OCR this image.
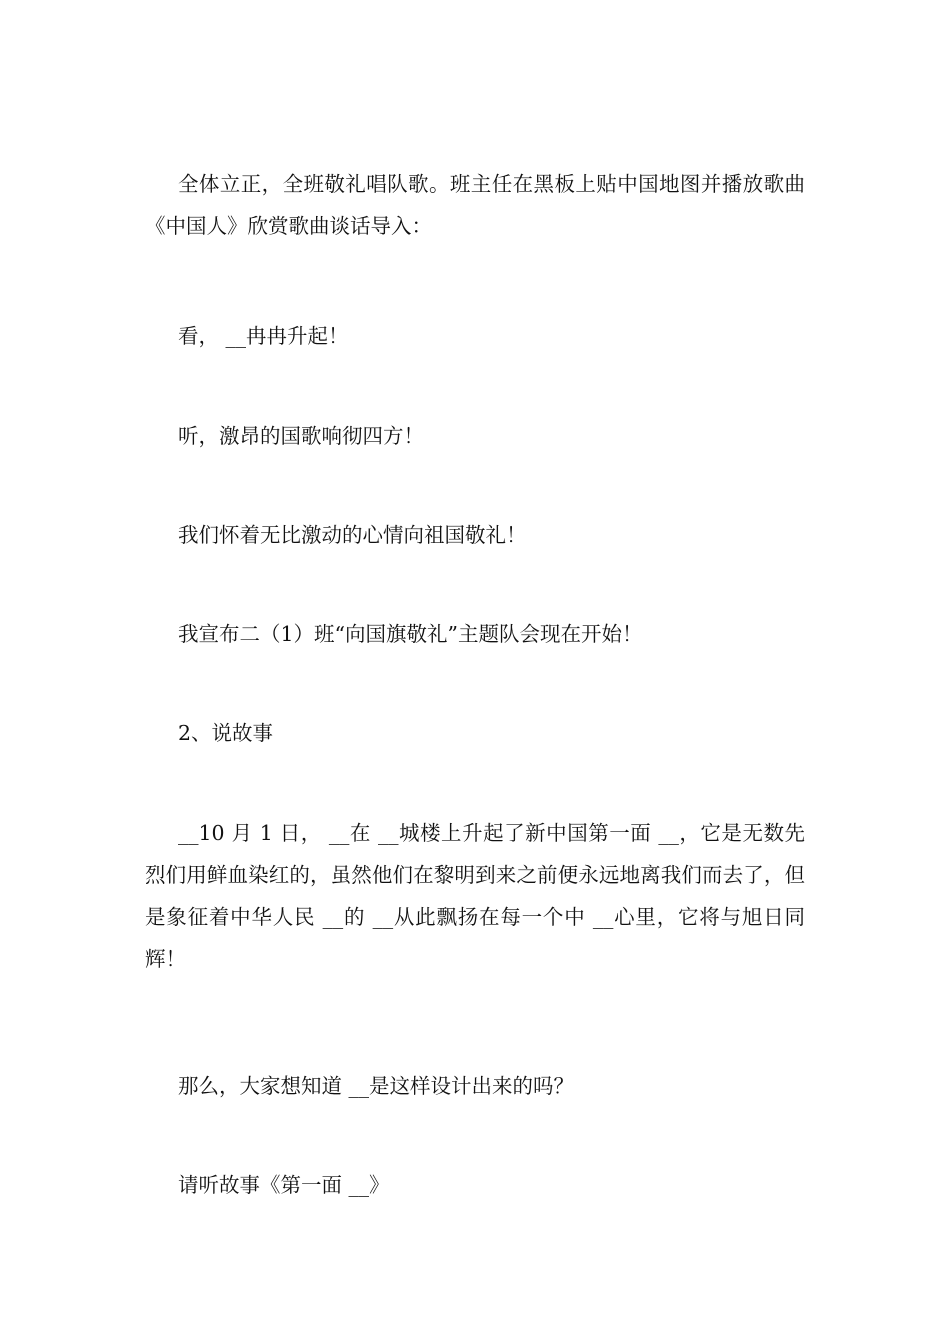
全体立正，全班敬礼唱队歌。班主任在黑板上贴中国地图并播放歌曲《中国人》欣赏歌曲谈话导入：

看， __冉冉升起！

听，激昂的国歌响彻四方！

我们怀着无比激动的心情向祖国敬礼！

我宣布二（1）班“向国旗敬礼”主题队会现在开始！

2、说故事

__10 月 1 日， __在 __城楼上升起了新中国第一面 __，它是无数先烈们用鲜血染红的，虽然他们在黎明到来之前便永远地离我们而去了，但是象征着中华人民 __的 __从此飘扬在每一个中 __心里，它将与旭日同辉！

那么，大家想知道 __是这样设计出来的吗？

请听故事《第一面 __》
